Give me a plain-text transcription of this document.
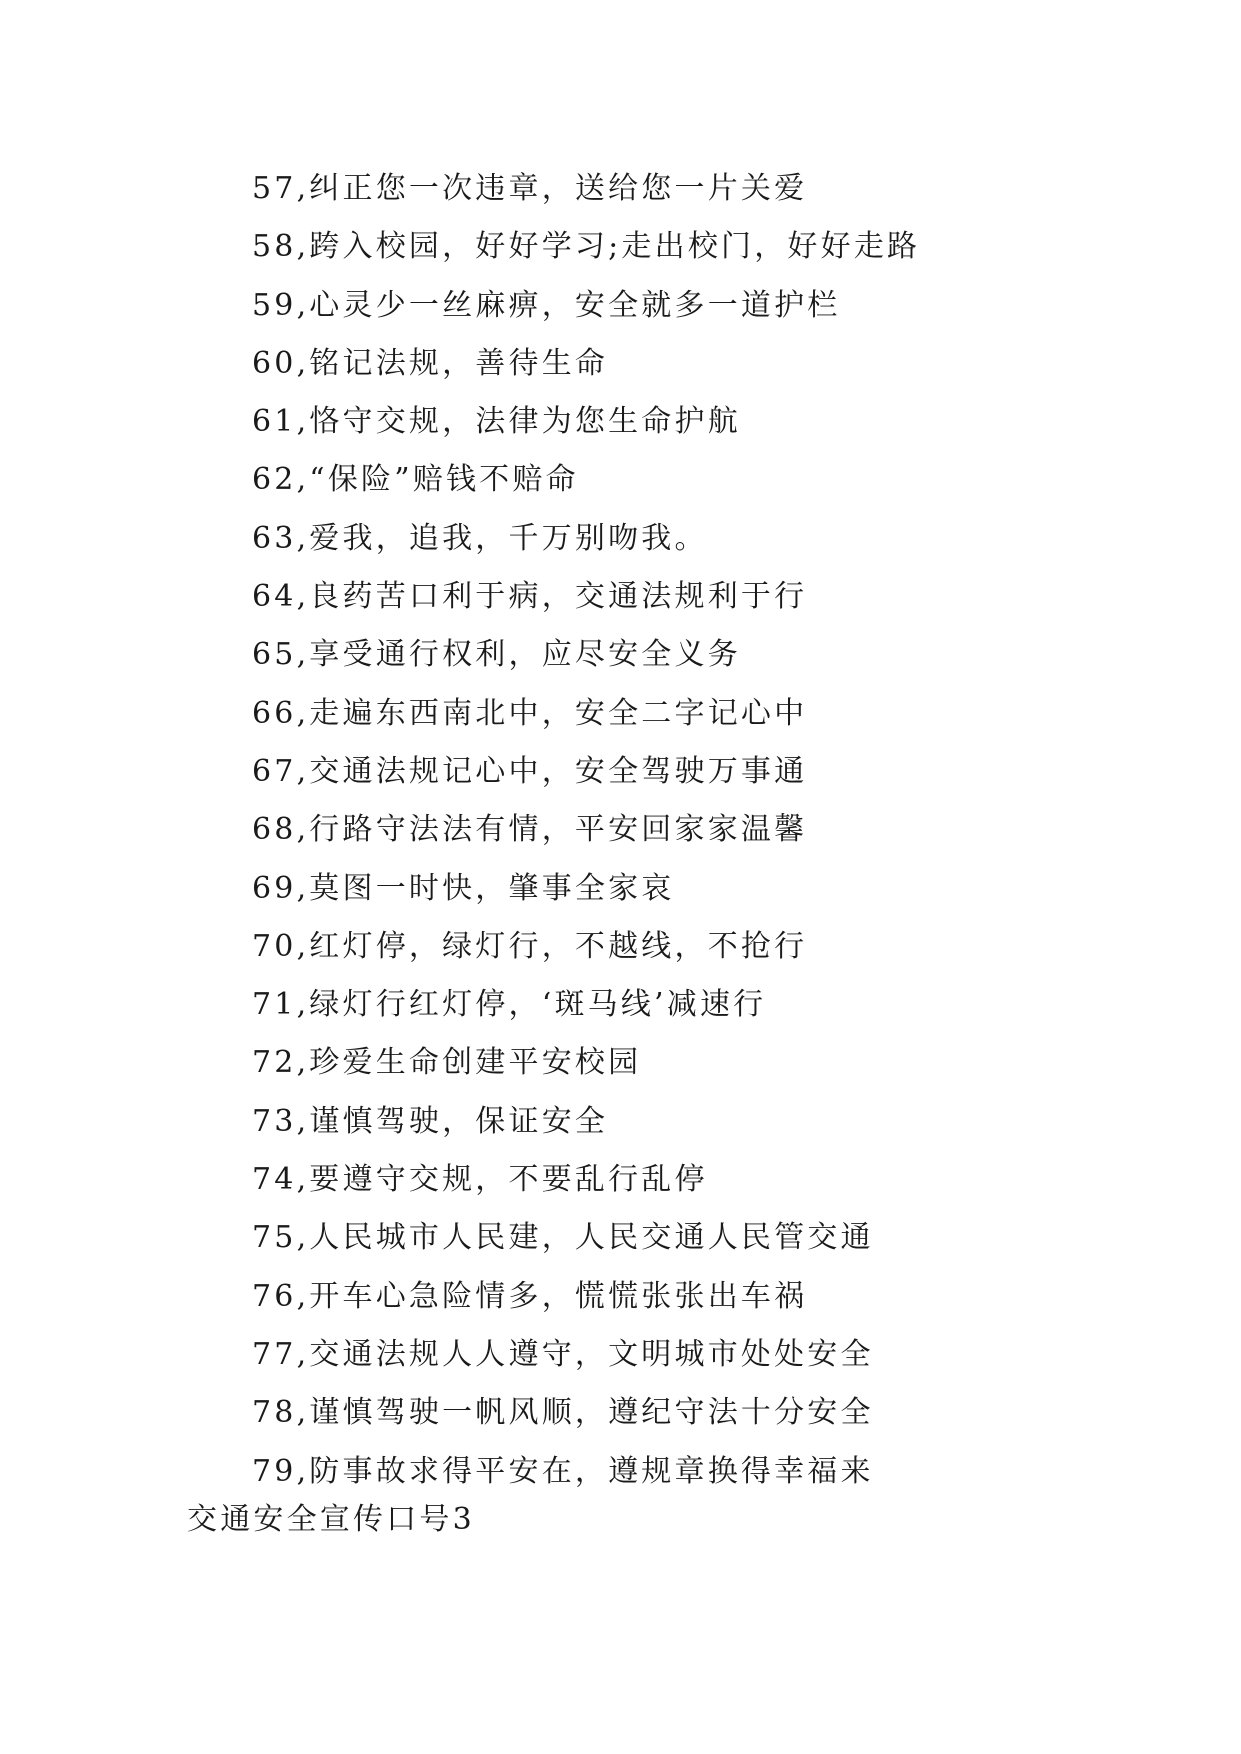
57,纠正您一次违章，送给您一片关爱
58,跨入校园，好好学习;走出校门，好好走路
59,心灵少一丝麻痹，安全就多一道护栏
60,铭记法规，善待生命
61,恪守交规，法律为您生命护航
62,“保险”赔钱不赔命
63,爱我，追我，千万别吻我。
64,良药苦口利于病，交通法规利于行
65,享受通行权利，应尽安全义务
66,走遍东西南北中，安全二字记心中
67,交通法规记心中，安全驾驶万事通
68,行路守法法有情，平安回家家温馨
69,莫图一时快，肇事全家哀
70,红灯停，绿灯行，不越线，不抢行
71,绿灯行红灯停，‘斑马线’减速行
72,珍爱生命创建平安校园
73,谨慎驾驶，保证安全
74,要遵守交规，不要乱行乱停
75,人民城市人民建，人民交通人民管交通
76,开车心急险情多，慌慌张张出车祸
77,交通法规人人遵守，文明城市处处安全
78,谨慎驾驶一帆风顺，遵纪守法十分安全
79,防事故求得平安在，遵规章换得幸福来
交通安全宣传口号3
